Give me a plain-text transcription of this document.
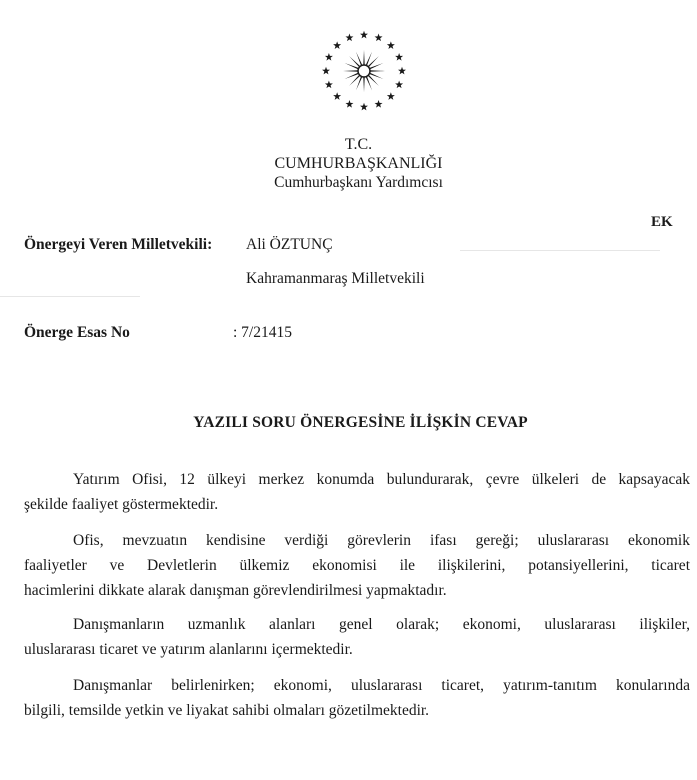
T.C.
CUMHURBAŞKANLIĞI
Cumhurbaşkanı Yardımcısı
EK
Önergeyi Veren Milletvekili: Ali ÖZTUNÇ
Kahramanmaraş Milletvekili
Önerge Esas No	: 7/21415
YAZILI SORU ÖNERGESİNE İLİŞKİN CEVAP
Yatırım Ofisi, 12 ülkeyi merkez konumda bulundurarak, çevre ülkeleri de kapsayacak
şekilde faaliyet göstermektedir.
Ofis, mevzuatın kendisine verdiği görevlerin ifası gereği; uluslararası ekonomik
faaliyetler ve Devletlerin ülkemiz ekonomisi ile ilişkilerini, potansiyellerini, ticaret
hacimlerini dikkate alarak danışman görevlendirilmesi yapmaktadır.
Danışmanların uzmanlık alanları genel olarak; ekonomi, uluslararası ilişkiler,
uluslararası ticaret ve yatırım alanlarını içermektedir.
Danışmanlar belirlenirken; ekonomi, uluslararası ticaret, yatırım-tanıtım konularında
bilgili, temsilde yetkin ve liyakat sahibi olmaları gözetilmektedir.
